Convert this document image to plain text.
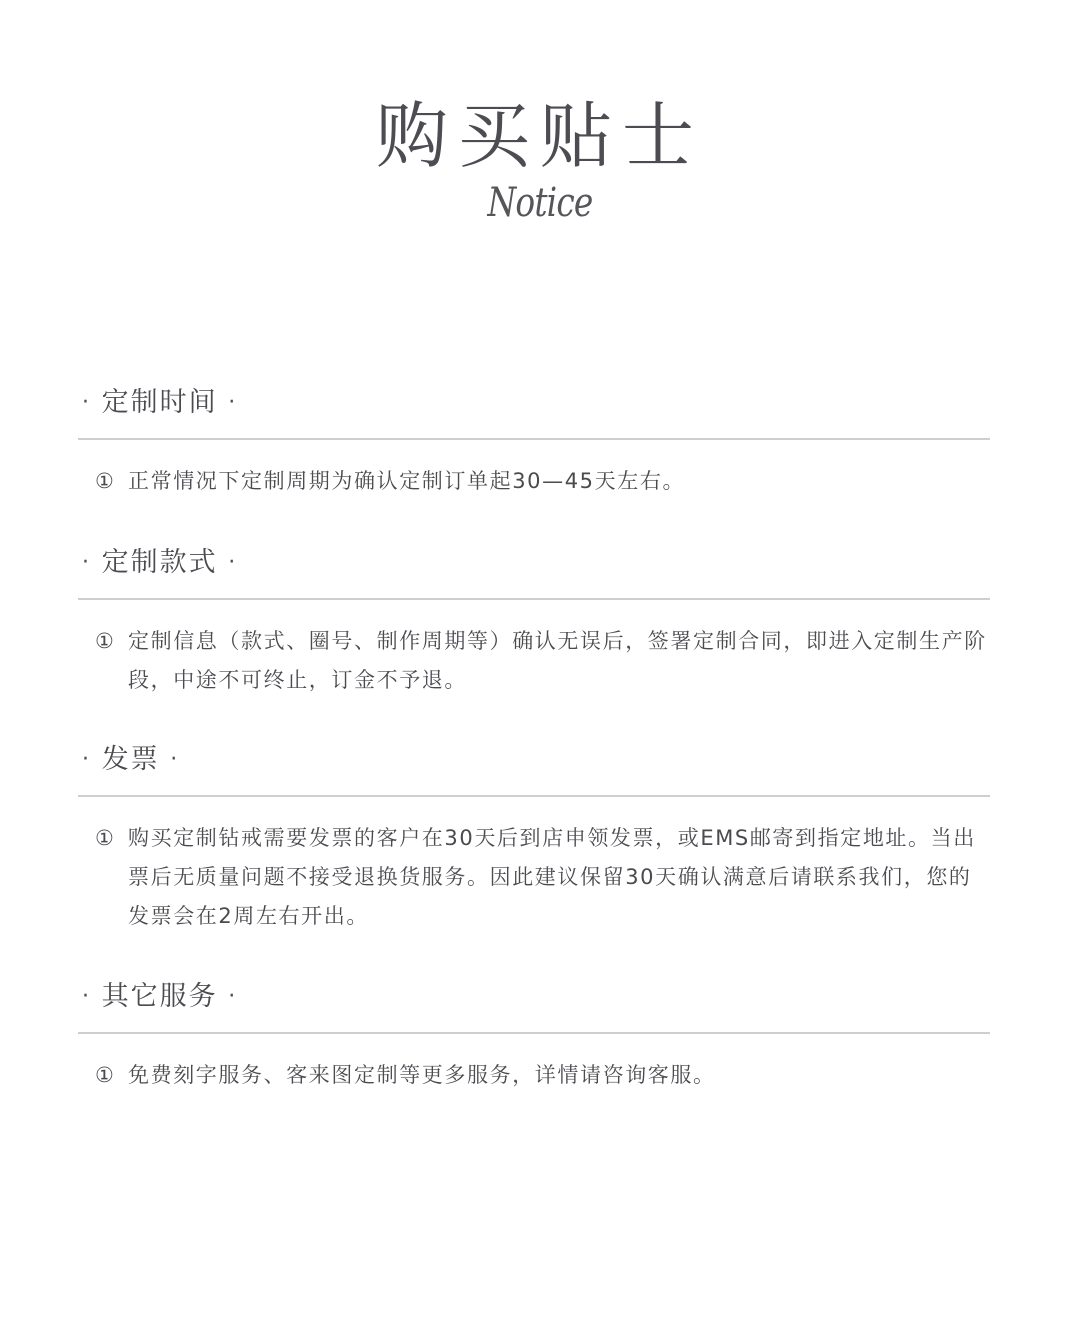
购买贴士
Notice
· 定制时间 ·
① 正常情况下定制周期为确认定制订单起30—45天左右。
· 定制款式 ·
① 定制信息（款式、圈号、制作周期等）确认无误后，签署定制合同，即进入定制生产阶段，中途不可终止，订金不予退。
· 发票 ·
① 购买定制钻戒需要发票的客户在30天后到店申领发票，或EMS邮寄到指定地址。当出票后无质量问题不接受退换货服务。因此建议保留30天确认满意后请联系我们，您的发票会在2周左右开出。
· 其它服务 ·
① 免费刻字服务、客来图定制等更多服务，详情请咨询客服。
